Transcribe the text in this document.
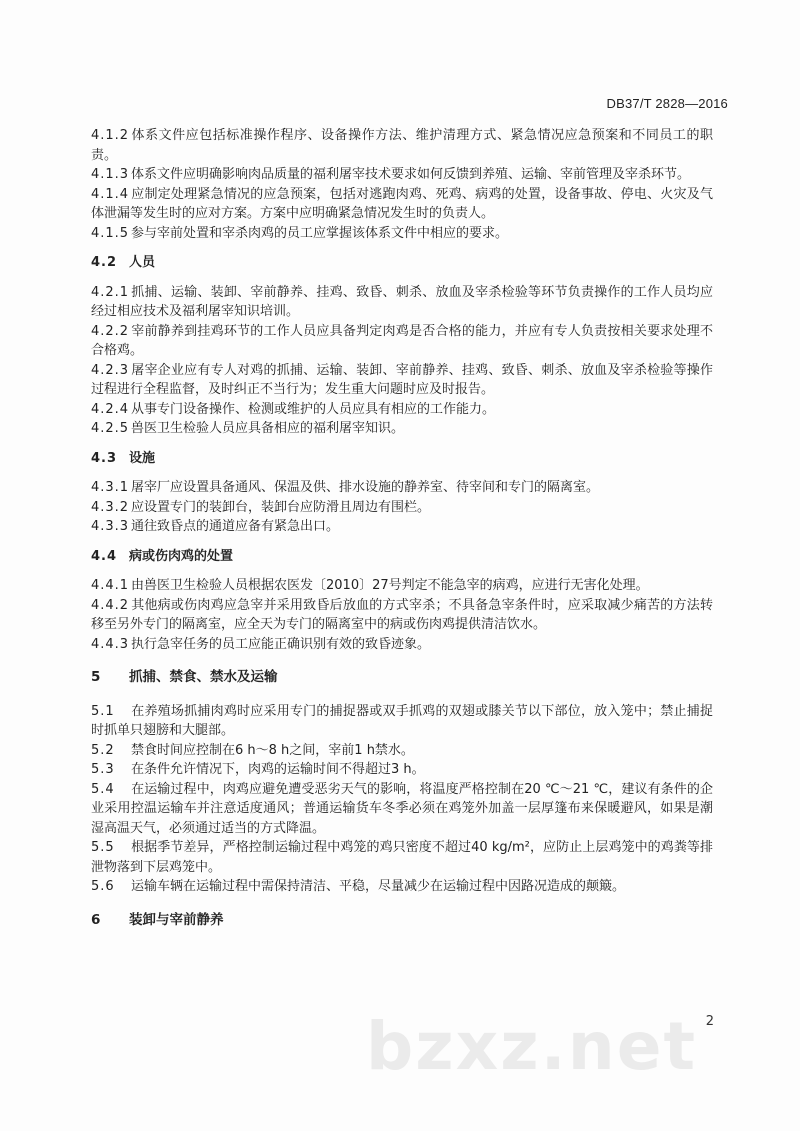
DB37/T 2828—2016

4.1.2 体系文件应包括标准操作程序、设备操作方法、维护清理方式、紧急情况应急预案和不同员工的职责。

4.1.3 体系文件应明确影响肉品质量的福利屠宰技术要求如何反馈到养殖、运输、宰前管理及宰杀环节。

4.1.4 应制定处理紧急情况的应急预案，包括对逃跑肉鸡、死鸡、病鸡的处置，设备事故、停电、火灾及气体泄漏等发生时的应对方案。方案中应明确紧急情况发生时的负责人。

4.1.5 参与宰前处置和宰杀肉鸡的员工应掌握该体系文件中相应的要求。

4.2 人员

4.2.1 抓捕、运输、装卸、宰前静养、挂鸡、致昏、刺杀、放血及宰杀检验等环节负责操作的工作人员均应经过相应技术及福利屠宰知识培训。

4.2.2 宰前静养到挂鸡环节的工作人员应具备判定肉鸡是否合格的能力，并应有专人负责按相关要求处理不合格鸡。

4.2.3 屠宰企业应有专人对鸡的抓捕、运输、装卸、宰前静养、挂鸡、致昏、刺杀、放血及宰杀检验等操作过程进行全程监督，及时纠正不当行为；发生重大问题时应及时报告。

4.2.4 从事专门设备操作、检测或维护的人员应具有相应的工作能力。

4.2.5 兽医卫生检验人员应具备相应的福利屠宰知识。

4.3 设施

4.3.1 屠宰厂应设置具备通风、保温及供、排水设施的静养室、待宰间和专门的隔离室。

4.3.2 应设置专门的装卸台，装卸台应防滑且周边有围栏。

4.3.3 通往致昏点的通道应备有紧急出口。

4.4 病或伤肉鸡的处置

4.4.1 由兽医卫生检验人员根据农医发〔2010〕27号判定不能急宰的病鸡，应进行无害化处理。

4.4.2 其他病或伤肉鸡应急宰并采用致昏后放血的方式宰杀；不具备急宰条件时，应采取减少痛苦的方法转移至另外专门的隔离室，应全天为专门的隔离室中的病或伤肉鸡提供清洁饮水。

4.4.3 执行急宰任务的员工应能正确识别有效的致昏迹象。

5 抓捕、禁食、禁水及运输

5.1 在养殖场抓捕肉鸡时应采用专门的捕捉器或双手抓鸡的双翅或膝关节以下部位，放入笼中；禁止捕捉时抓单只翅膀和大腿部。

5.2 禁食时间应控制在6 h～8 h之间，宰前1 h禁水。

5.3 在条件允许情况下，肉鸡的运输时间不得超过3 h。

5.4 在运输过程中，肉鸡应避免遭受恶劣天气的影响，将温度严格控制在20 ℃～21 ℃，建议有条件的企业采用控温运输车并注意适度通风；普通运输货车冬季必须在鸡笼外加盖一层厚篷布来保暖避风，如果是潮湿高温天气，必须通过适当的方式降温。

5.5 根据季节差异，严格控制运输过程中鸡笼的鸡只密度不超过40 kg/m²，应防止上层鸡笼中的鸡粪等排泄物落到下层鸡笼中。

5.6 运输车辆在运输过程中需保持清洁、平稳，尽量减少在运输过程中因路况造成的颠簸。

6 装卸与宰前静养

bzxz.net 2
